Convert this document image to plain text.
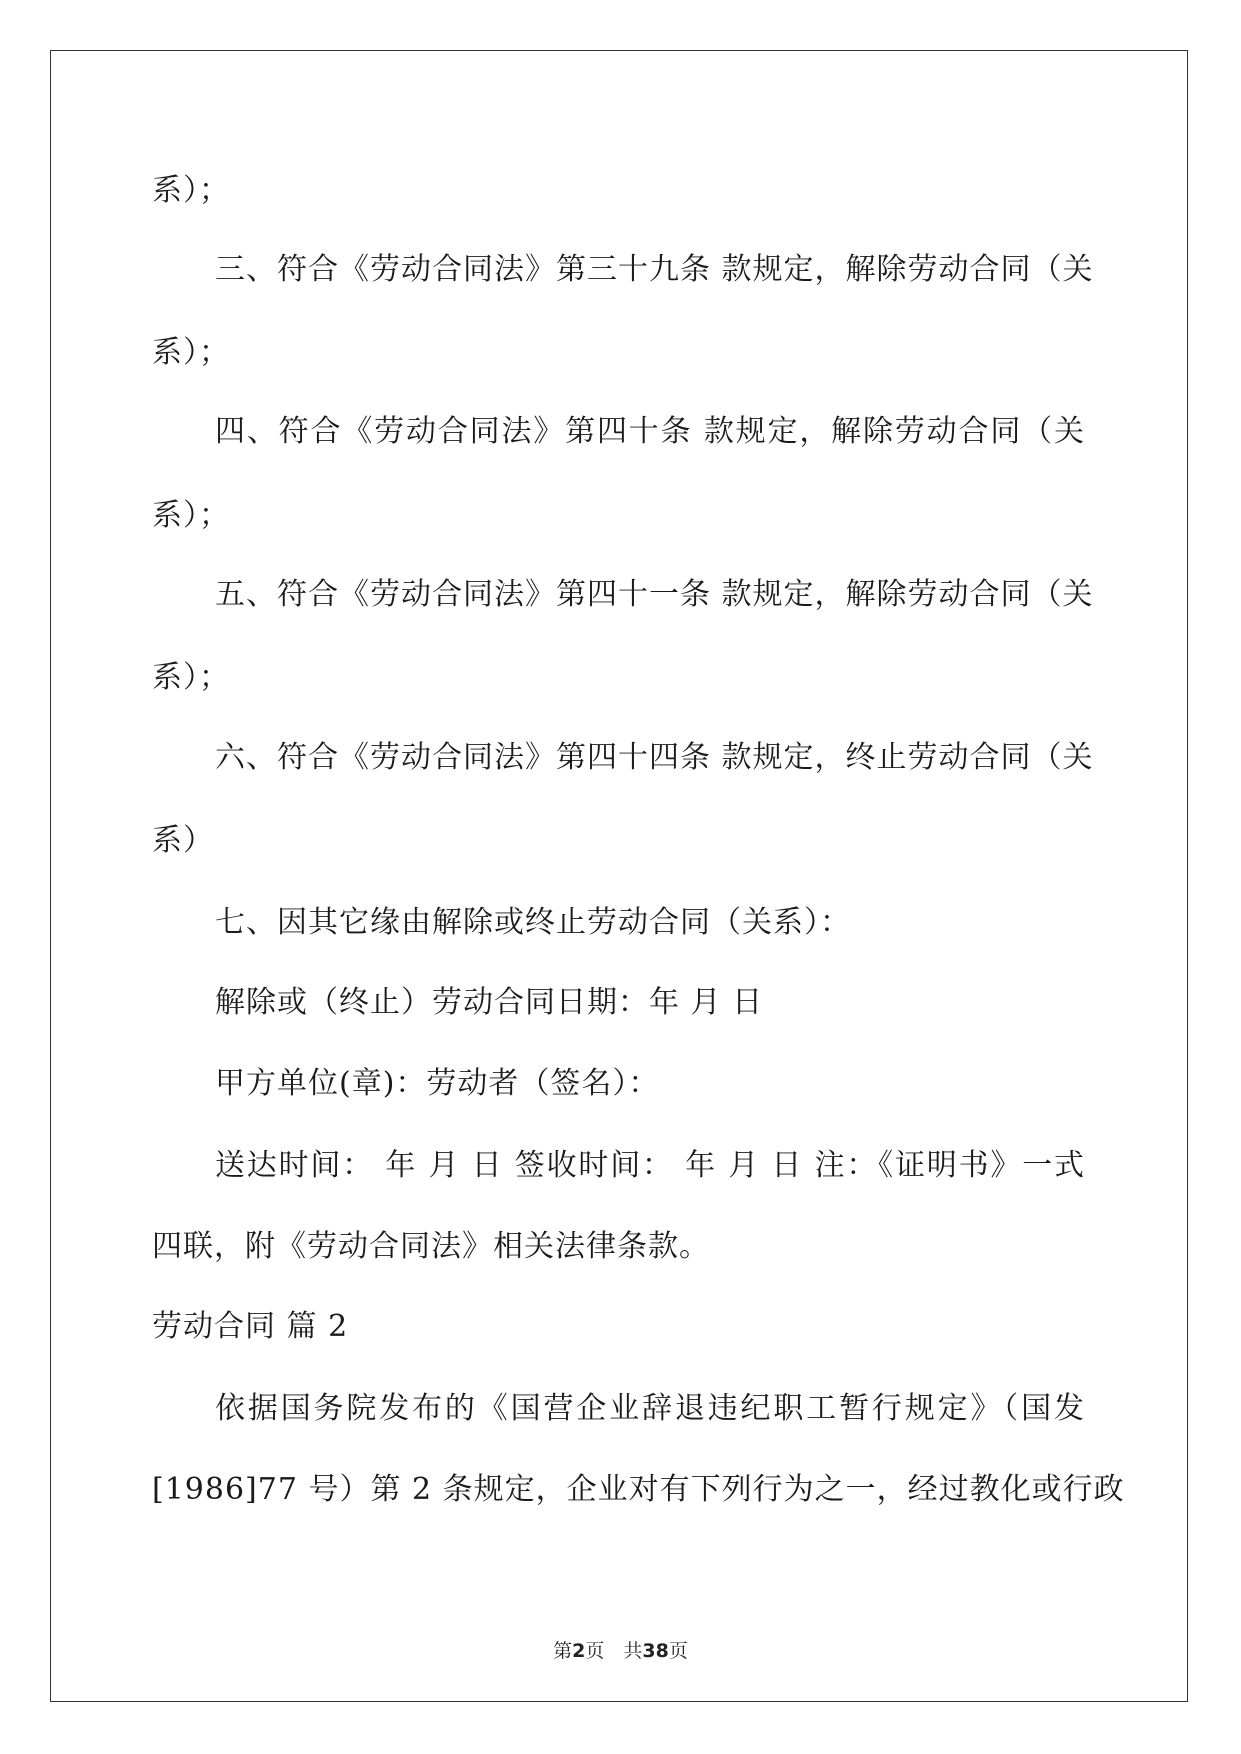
系）；

三、符合《劳动合同法》第三十九条 款规定，解除劳动合同（关

系）；

四、符合《劳动合同法》第四十条 款规定，解除劳动合同（关

系）；

五、符合《劳动合同法》第四十一条 款规定，解除劳动合同（关

系）；

六、符合《劳动合同法》第四十四条 款规定，终止劳动合同（关

系）

七、因其它缘由解除或终止劳动合同（关系）：

解除或（终止）劳动合同日期：年 月 日

甲方单位(章)：劳动者（签名）：

送达时间： 年 月 日 签收时间： 年 月 日 注：《证明书》一式

四联，附《劳动合同法》相关法律条款。

劳动合同 篇 2

依据国务院发布的《国营企业辞退违纪职工暂行规定》（国发

[1986]77 号）第 2 条规定，企业对有下列行为之一，经过教化或行政

第2页　共38页
